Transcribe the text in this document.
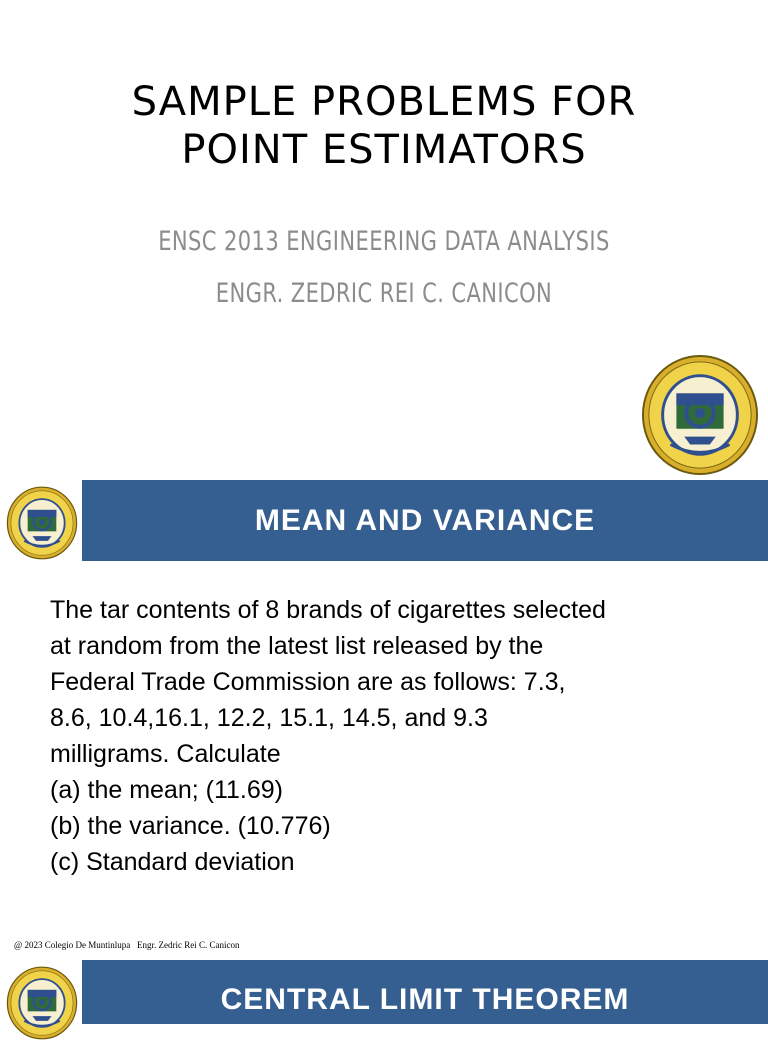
SAMPLE PROBLEMS FOR
POINT ESTIMATORS
ENSC 2013 ENGINEERING DATA ANALYSIS
ENGR. ZEDRIC REI C. CANICON
MEAN AND VARIANCE
The tar contents of 8 brands of cigarettes selected
at random from the latest list released by the
Federal Trade Commission are as follows: 7.3,
8.6, 10.4,16.1, 12.2, 15.1, 14.5, and 9.3
milligrams. Calculate
(a) the mean; (11.69)
(b) the variance. (10.776)
(c) Standard deviation
@ 2023 Colegio De Muntinlupa   Engr. Zedric Rei C. Canicon
CENTRAL LIMIT THEOREM
